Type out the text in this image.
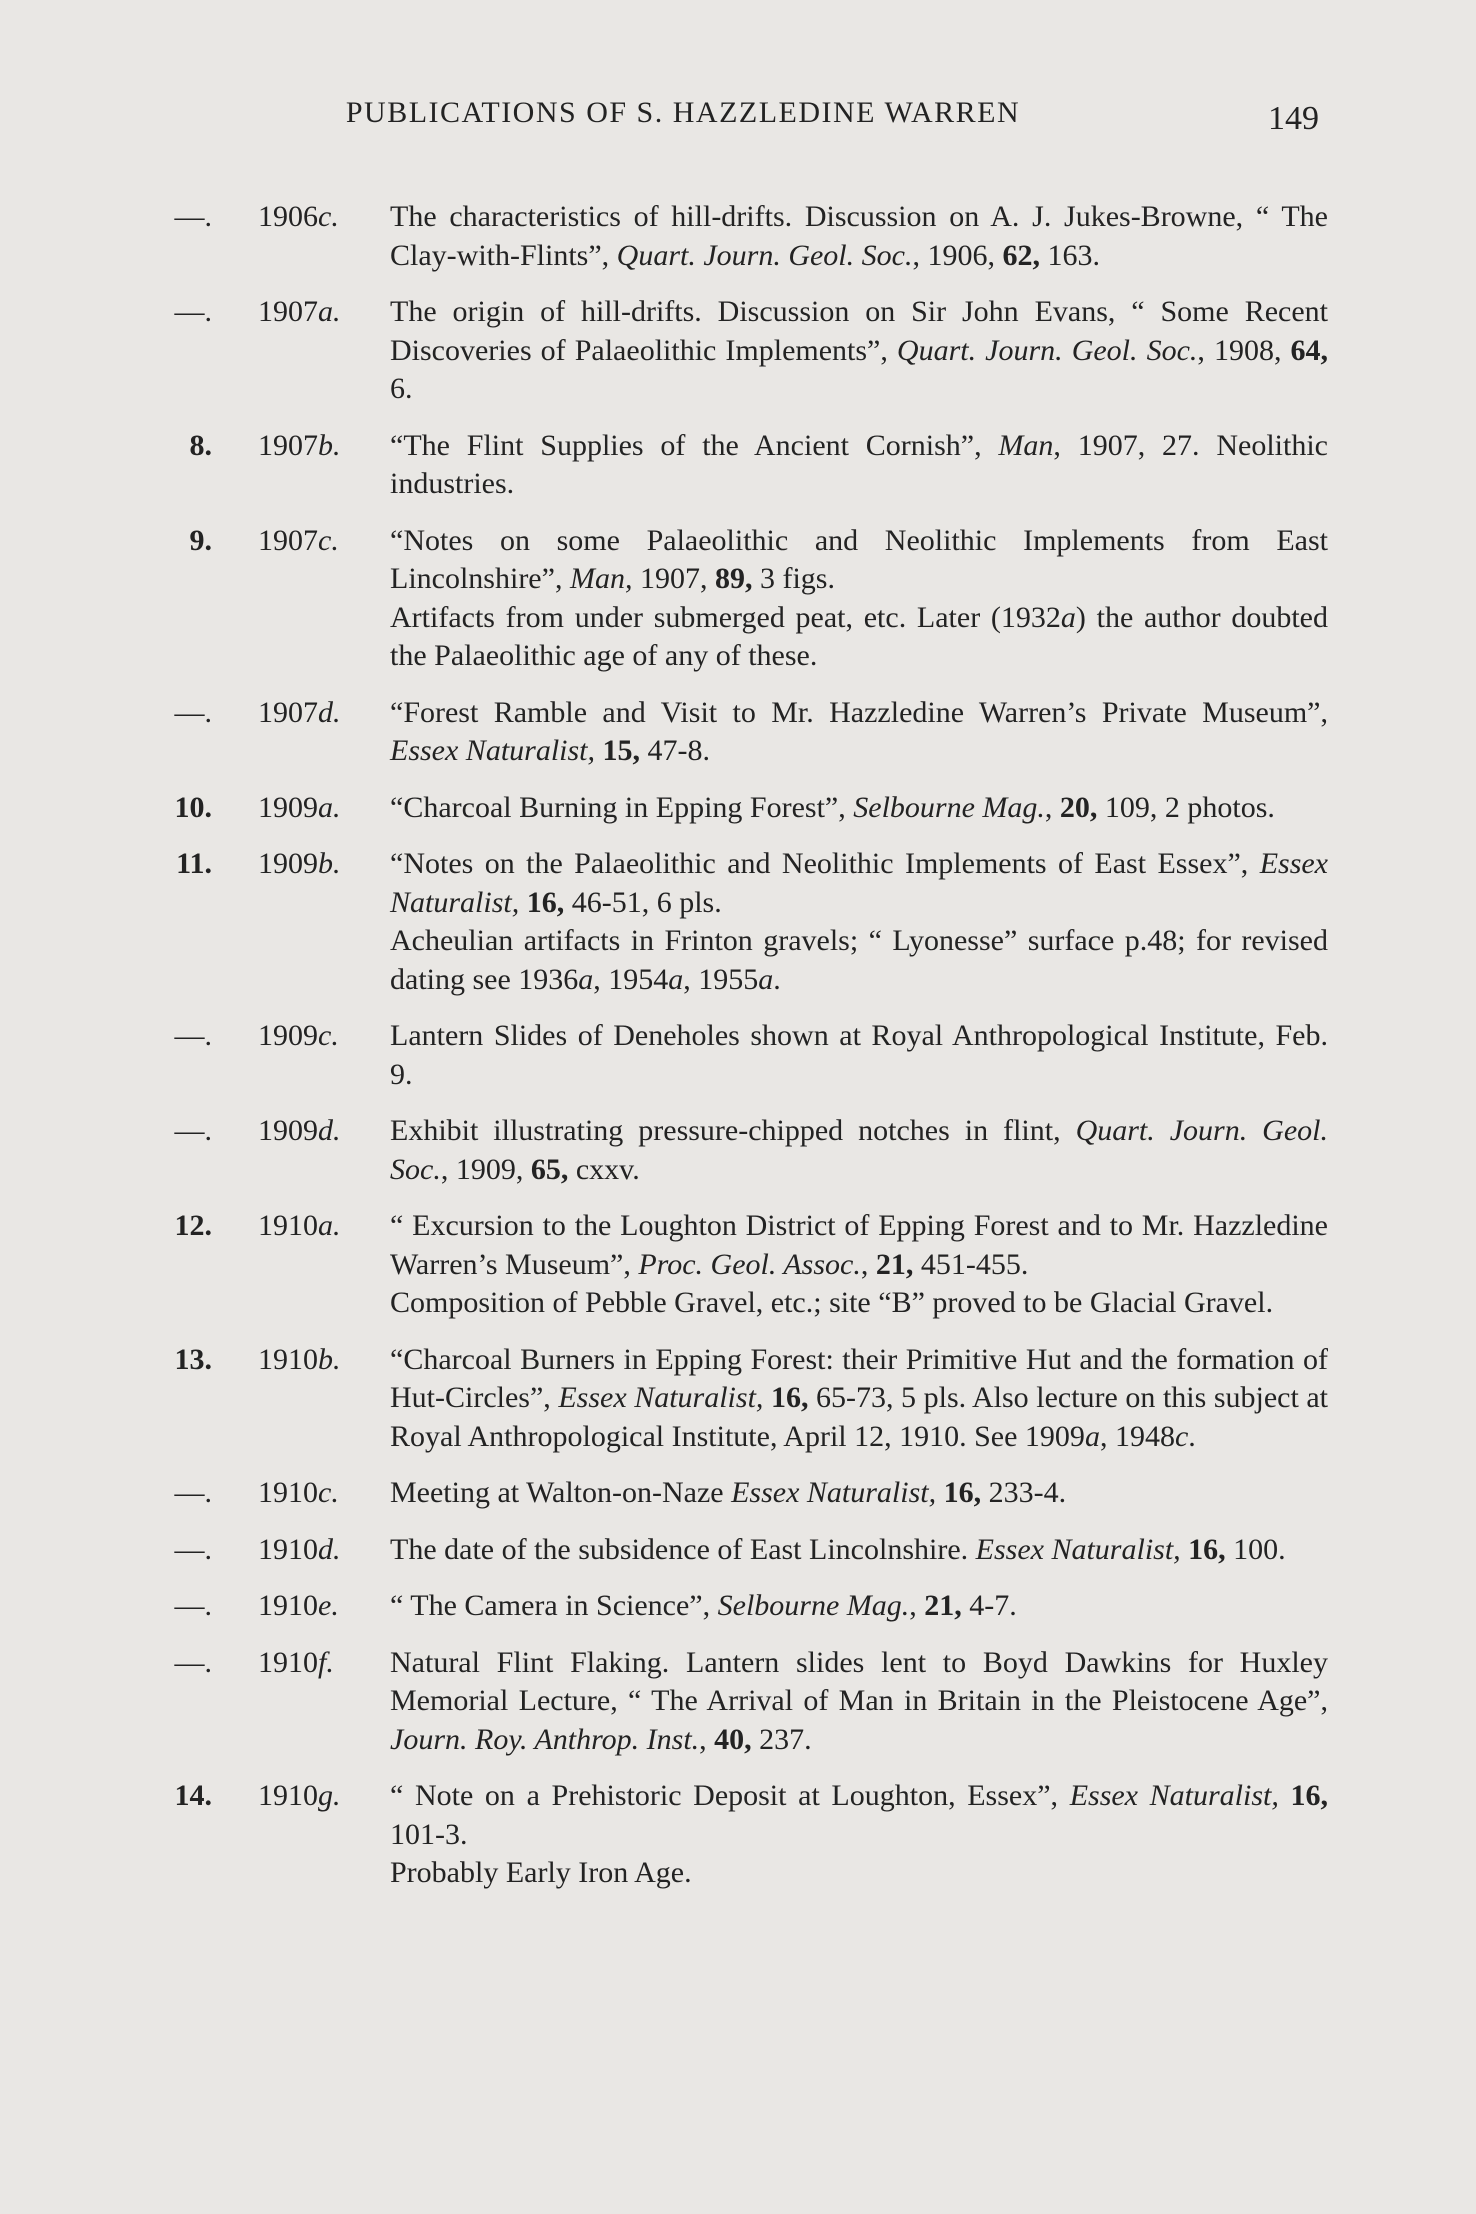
PUBLICATIONS OF S. HAZZLEDINE WARREN	149
—. 1906c.	The characteristics of hill-drifts. Discussion on A. J. Jukes-Browne, “ The Clay-with-Flints”, Quart. Journ. Geol. Soc., 1906, 62, 163.

—. 1907a.	The origin of hill-drifts. Discussion on Sir John Evans, “ Some Recent Discoveries of Palaeolithic Implements”, Quart. Journ. Geol. Soc., 1908, 64, 6.

8. 1907b.	“The Flint Supplies of the Ancient Cornish”, Man, 1907, 27. Neolithic industries.

9. 1907c.	“Notes on some Palaeolithic and Neolithic Implements from East Lincolnshire”, Man, 1907, 89, 3 figs.

Artifacts from under submerged peat, etc. Later (1932a) the author doubted the Palaeolithic age of any of these.

—. 1907d.	“Forest Ramble and Visit to Mr. Hazzledine Warren’s Private Museum”, Essex Naturalist, 15, 47-8.

10. 1909a.	“Charcoal Burning in Epping Forest”, Selbourne Mag., 20, 109, 2 photos.

11. 1909b.	“Notes on the Palaeolithic and Neolithic Implements of East Essex”, Essex Naturalist, 16, 46-51, 6 pls.

Acheulian artifacts in Frinton gravels; “ Lyonesse” surface p.48; for revised dating see 1936a, 1954a, 1955a.

—. 1909c.	Lantern Slides of Deneholes shown at Royal Anthropological Institute, Feb. 9.

—. 1909d.	Exhibit illustrating pressure-chipped notches in flint, Quart. Journ. Geol. Soc., 1909, 65, cxxv.

12. 1910a.	“ Excursion to the Loughton District of Epping Forest and to Mr. Hazzledine Warren’s Museum”, Proc. Geol. Assoc., 21, 451-455.

Composition of Pebble Gravel, etc.; site “B” proved to be Glacial Gravel.

13. 1910b.	“Charcoal Burners in Epping Forest: their Primitive Hut and the formation of Hut-Circles”, Essex Naturalist, 16, 65-73, 5 pls. Also lecture on this subject at Royal Anthropological Institute, April 12, 1910. See 1909a, 1948c.

—. 1910c.	Meeting at Walton-on-Naze Essex Naturalist, 16, 233-4.

—. 1910d.	The date of the subsidence of East Lincolnshire. Essex Naturalist, 16, 100.

—. 1910e.	“ The Camera in Science”, Selbourne Mag., 21, 4-7.

—. 1910f.	Natural Flint Flaking. Lantern slides lent to Boyd Dawkins for Huxley Memorial Lecture, “ The Arrival of Man in Britain in the Pleistocene Age”, Journ. Roy. Anthrop. Inst., 40, 237.

14. 1910g.	“ Note on a Prehistoric Deposit at Loughton, Essex”, Essex Naturalist, 16, 101-3.

Probably Early Iron Age.
